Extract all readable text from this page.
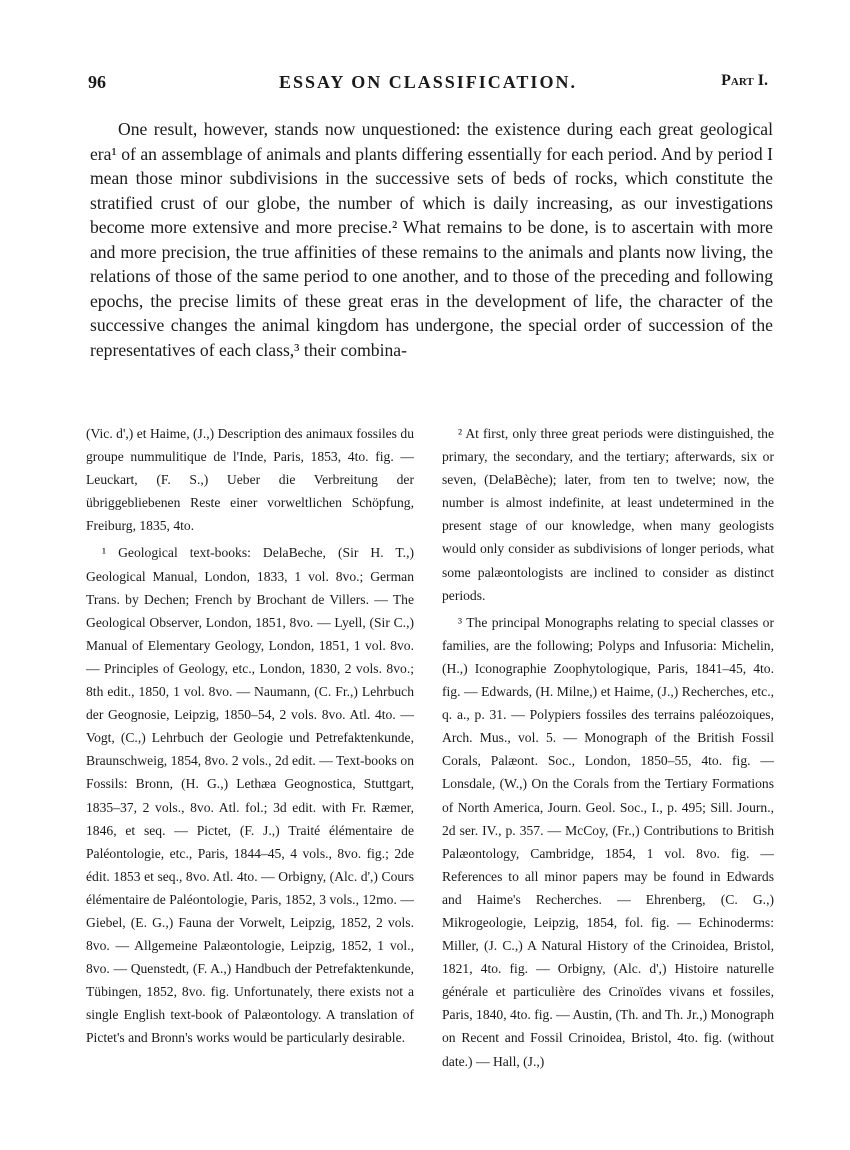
96	ESSAY ON CLASSIFICATION.	Part I.

One result, however, stands now unquestioned: the existence during each great geological era¹ of an assemblage of animals and plants differing essentially for each period. And by period I mean those minor subdivisions in the successive sets of beds of rocks, which constitute the stratified crust of our globe, the number of which is daily increasing, as our investigations become more extensive and more precise.² What remains to be done, is to ascertain with more and more precision, the true affinities of these remains to the animals and plants now living, the relations of those of the same period to one another, and to those of the preceding and following epochs, the precise limits of these great eras in the development of life, the character of the successive changes the animal kingdom has undergone, the special order of succession of the representatives of each class,³ their combina-

(Vic. d',) et Haime, (J.,) Description des animaux fossiles du groupe nummulitique de l'Inde, Paris, 1853, 4to. fig. — Leuckart, (F. S.,) Ueber die Verbreitung der übriggebliebenen Reste einer vorweltlichen Schöpfung, Freiburg, 1835, 4to.

¹ Geological text-books: DelaBeche, (Sir H. T.,) Geological Manual, London, 1833, 1 vol. 8vo.; German Trans. by Dechen; French by Brochant de Villers. — The Geological Observer, London, 1851, 8vo. — Lyell, (Sir C.,) Manual of Elementary Geology, London, 1851, 1 vol. 8vo. — Principles of Geology, etc., London, 1830, 2 vols. 8vo.; 8th edit., 1850, 1 vol. 8vo. — Naumann, (C. Fr.,) Lehrbuch der Geognosie, Leipzig, 1850–54, 2 vols. 8vo. Atl. 4to. — Vogt, (C.,) Lehrbuch der Geologie und Petrefaktenkunde, Braunschweig, 1854, 8vo. 2 vols., 2d edit. — Text-books on Fossils: Bronn, (H. G.,) Lethæa Geognostica, Stuttgart, 1835–37, 2 vols., 8vo. Atl. fol.; 3d edit. with Fr. Ræmer, 1846, et seq. — Pictet, (F. J.,) Traité élémentaire de Paléontologie, etc., Paris, 1844–45, 4 vols., 8vo. fig.; 2de édit. 1853 et seq., 8vo. Atl. 4to. — Orbigny, (Alc. d',) Cours élémentaire de Paléontologie, Paris, 1852, 3 vols., 12mo. — Giebel, (E. G.,) Fauna der Vorwelt, Leipzig, 1852, 2 vols. 8vo. — Allgemeine Palæontologie, Leipzig, 1852, 1 vol., 8vo. — Quenstedt, (F. A.,) Handbuch der Petrefaktenkunde, Tübingen, 1852, 8vo. fig. Unfortunately, there exists not a single English text-book of Palæontology. A translation of Pictet's and Bronn's works would be particularly desirable.

² At first, only three great periods were distinguished, the primary, the secondary, and the tertiary; afterwards, six or seven, (DelaBèche); later, from ten to twelve; now, the number is almost indefinite, at least undetermined in the present stage of our knowledge, when many geologists would only consider as subdivisions of longer periods, what some palæontologists are inclined to consider as distinct periods.

³ The principal Monographs relating to special classes or families, are the following; Polyps and Infusoria: Michelin, (H.,) Iconographie Zoophytologique, Paris, 1841–45, 4to. fig. — Edwards, (H. Milne,) et Haime, (J.,) Recherches, etc., q. a., p. 31. — Polypiers fossiles des terrains paléozoiques, Arch. Mus., vol. 5. — Monograph of the British Fossil Corals, Palæont. Soc., London, 1850–55, 4to. fig. — Lonsdale, (W.,) On the Corals from the Tertiary Formations of North America, Journ. Geol. Soc., I., p. 495; Sill. Journ., 2d ser. IV., p. 357. — McCoy, (Fr.,) Contributions to British Palæontology, Cambridge, 1854, 1 vol. 8vo. fig. — References to all minor papers may be found in Edwards and Haime's Recherches. — Ehrenberg, (C. G.,) Mikrogeologie, Leipzig, 1854, fol. fig. — Echinoderms: Miller, (J. C.,) A Natural History of the Crinoidea, Bristol, 1821, 4to. fig. — Orbigny, (Alc. d',) Histoire naturelle générale et particulière des Crinoïdes vivans et fossiles, Paris, 1840, 4to. fig. — Austin, (Th. and Th. Jr.,) Monograph on Recent and Fossil Crinoidea, Bristol, 4to. fig. (without date.) — Hall, (J.,)
